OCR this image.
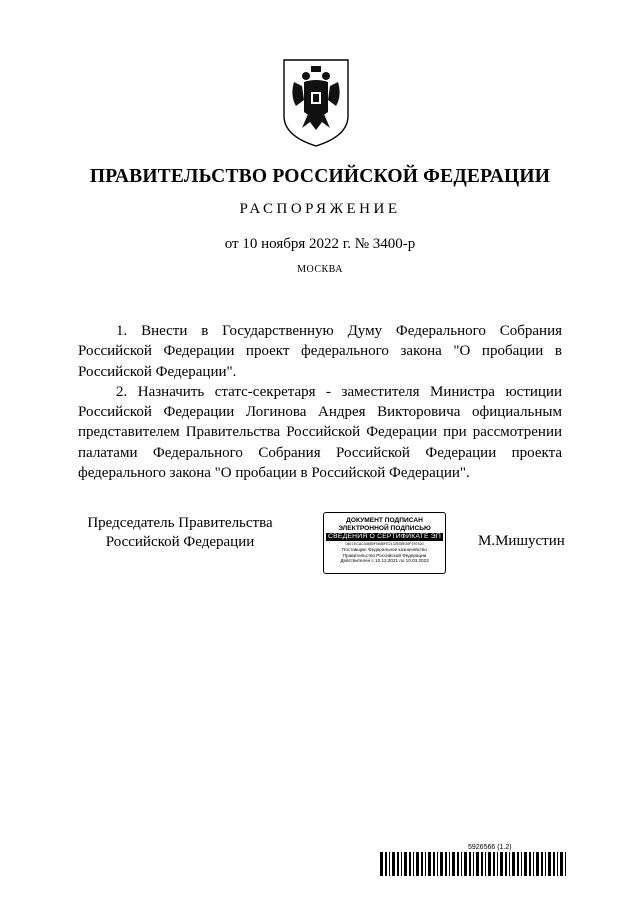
ПРАВИТЕЛЬСТВО РОССИЙСКОЙ ФЕДЕРАЦИИ
РАСПОРЯЖЕНИЕ
от 10 ноября 2022 г. № 3400-р
МОСКВА

1. Внести в Государственную Думу Федерального Собрания Российской Федерации проект федерального закона "О пробации в Российской Федерации".

2. Назначить статс-секретаря - заместителя Министра юстиции Российской Федерации Логинова Андрея Викторовича официальным представителем Правительства Российской Федерации при рассмотрении палатами Федерального Собрания Российской Федерации проекта федерального закона "О пробации в Российской Федерации".

Председатель Правительства
Российской Федерации
ДОКУМЕНТ ПОДПИСАН
ЭЛЕКТРОННОЙ ПОДПИСЬЮ
СВЕДЕНИЯ О СЕРТИФИКАТЕ ЭП
04E1ECAC54680F0686FE2132E08E39F297420
Поставщик: Федеральное казначейство
Правительство Российской Федерации
Действителен с 10.12.2021 по 10.03.2023
М.Мишустин
5926566 (1.2)
